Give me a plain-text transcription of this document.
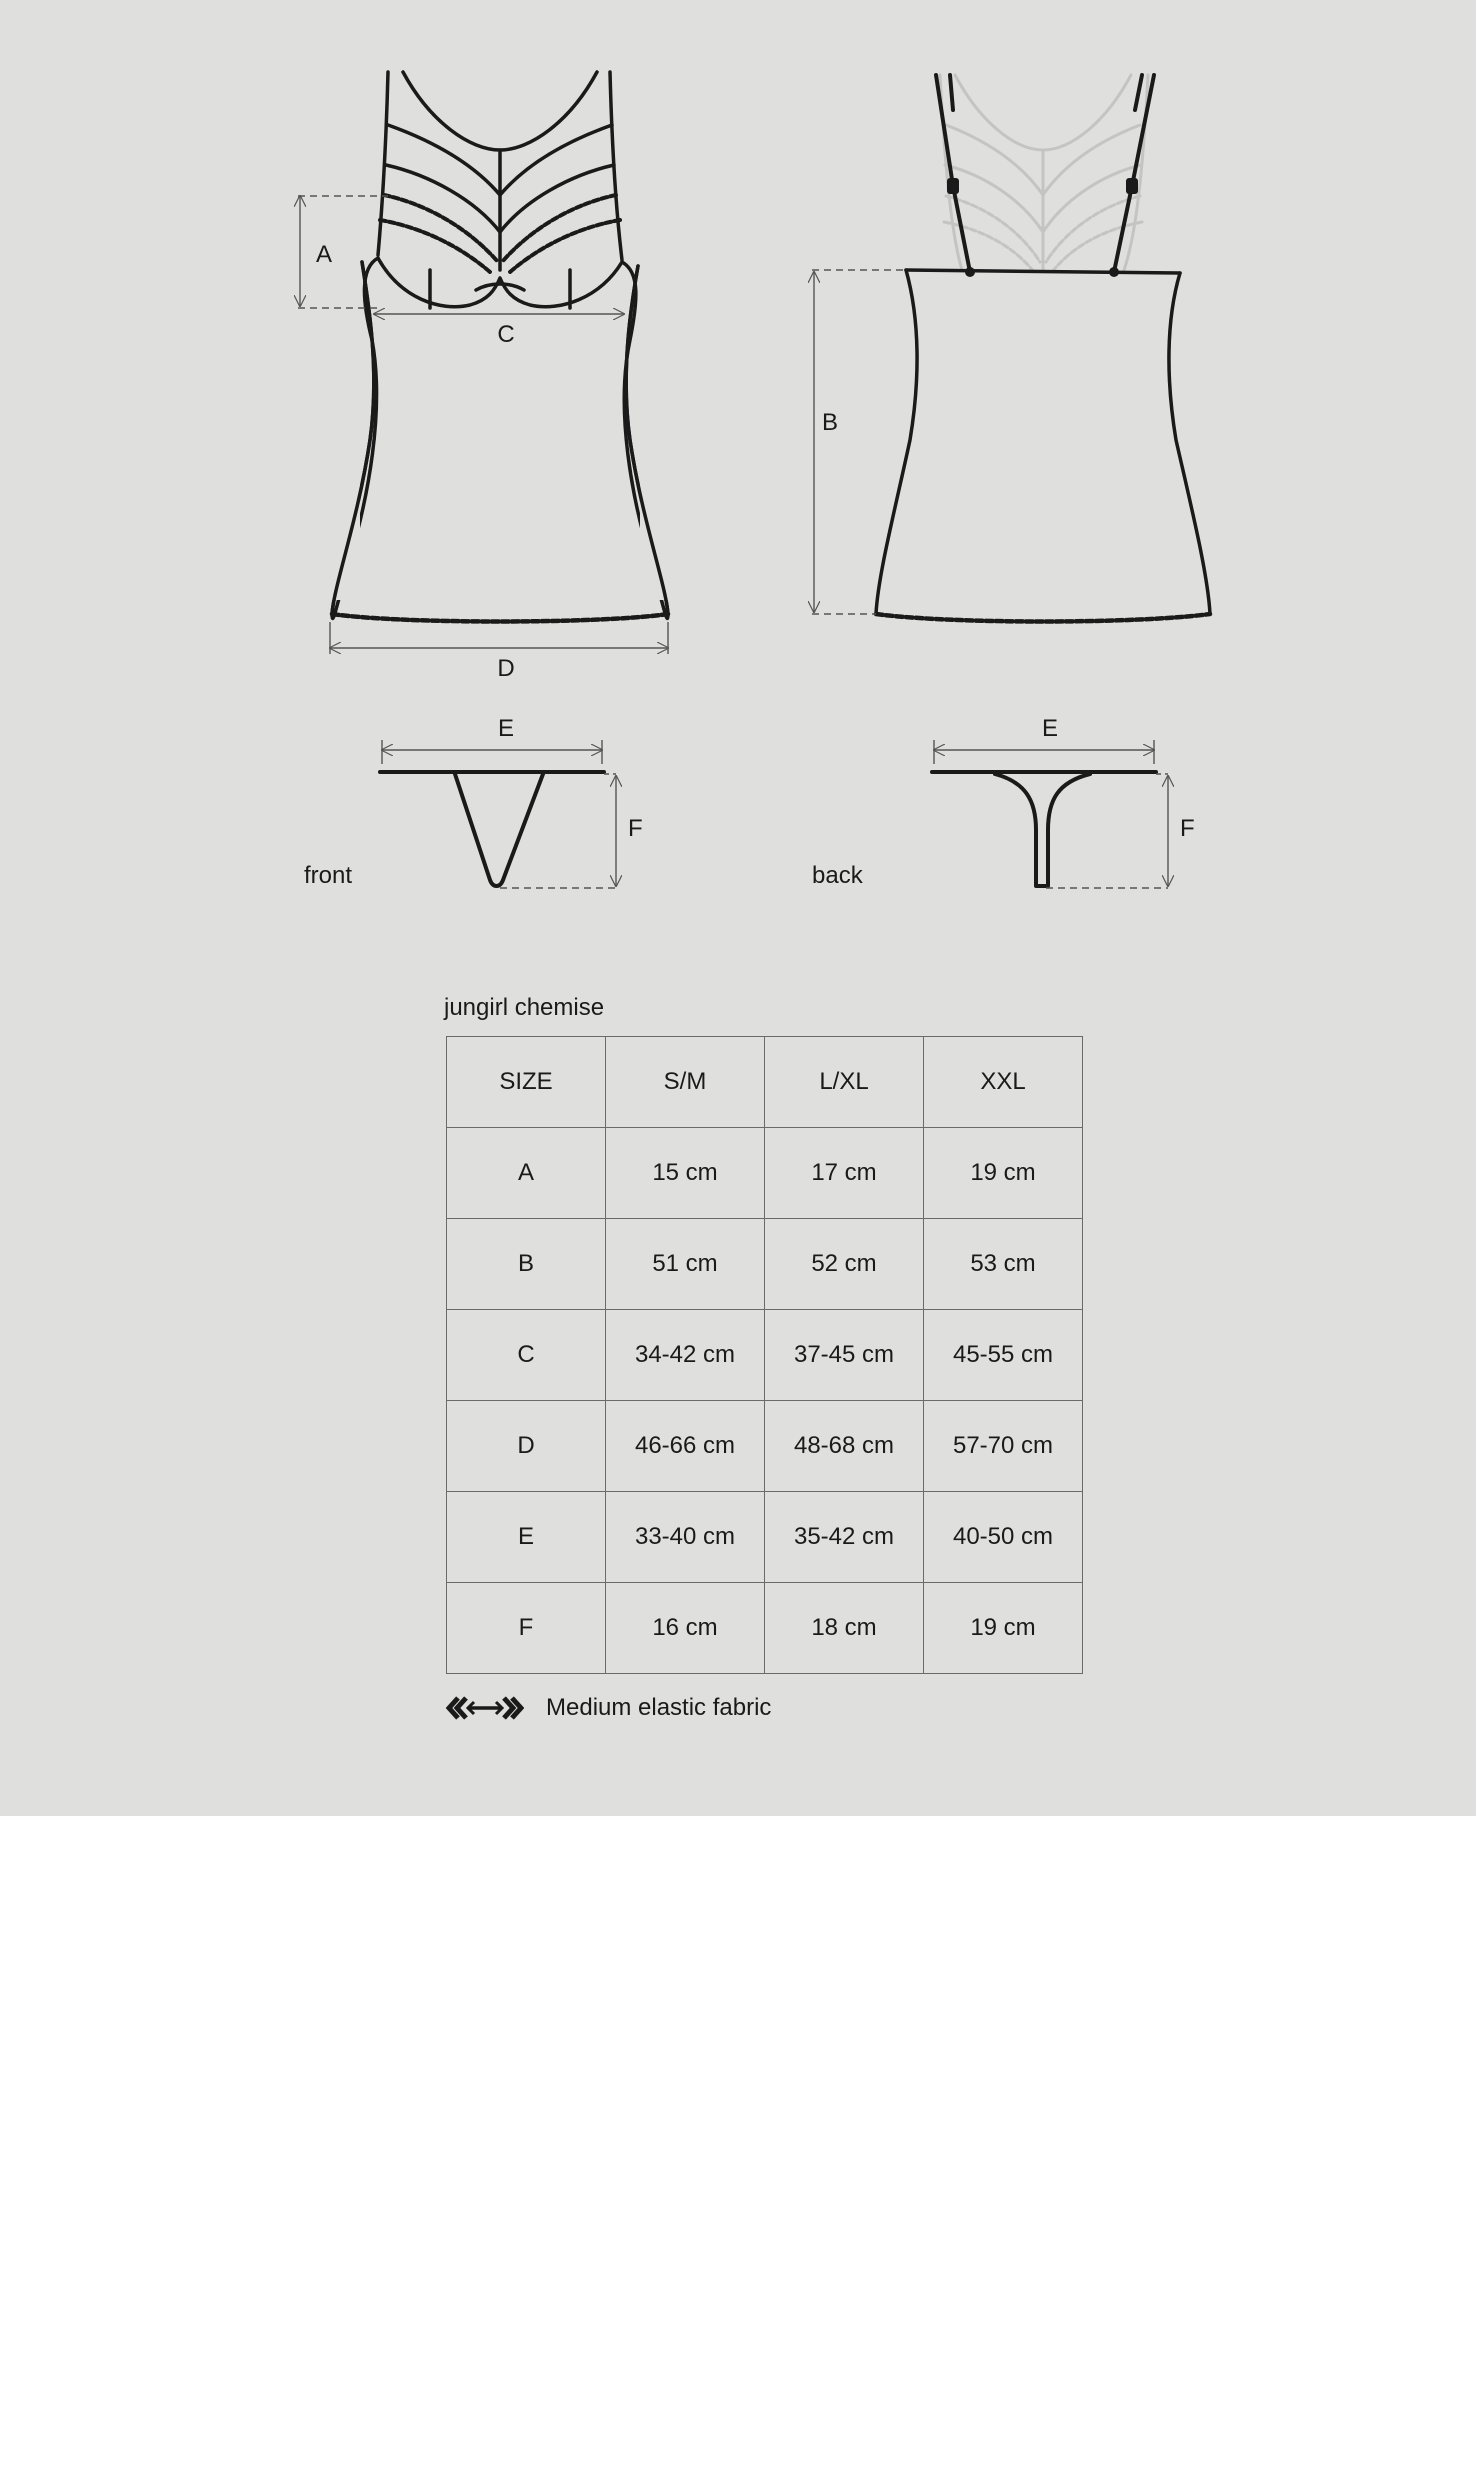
A
C
D
B
E
F
E
F
front	back
jungirl chemise
SIZE	S/M	L/XL	XXL
A	15 cm	17 cm	19 cm
B	51 cm	52 cm	53 cm
C	34-42 cm	37-45 cm	45-55 cm
D	46-66 cm	48-68 cm	57-70 cm
E	33-40 cm	35-42 cm	40-50 cm
F	16 cm	18 cm	19 cm
Medium elastic fabric
